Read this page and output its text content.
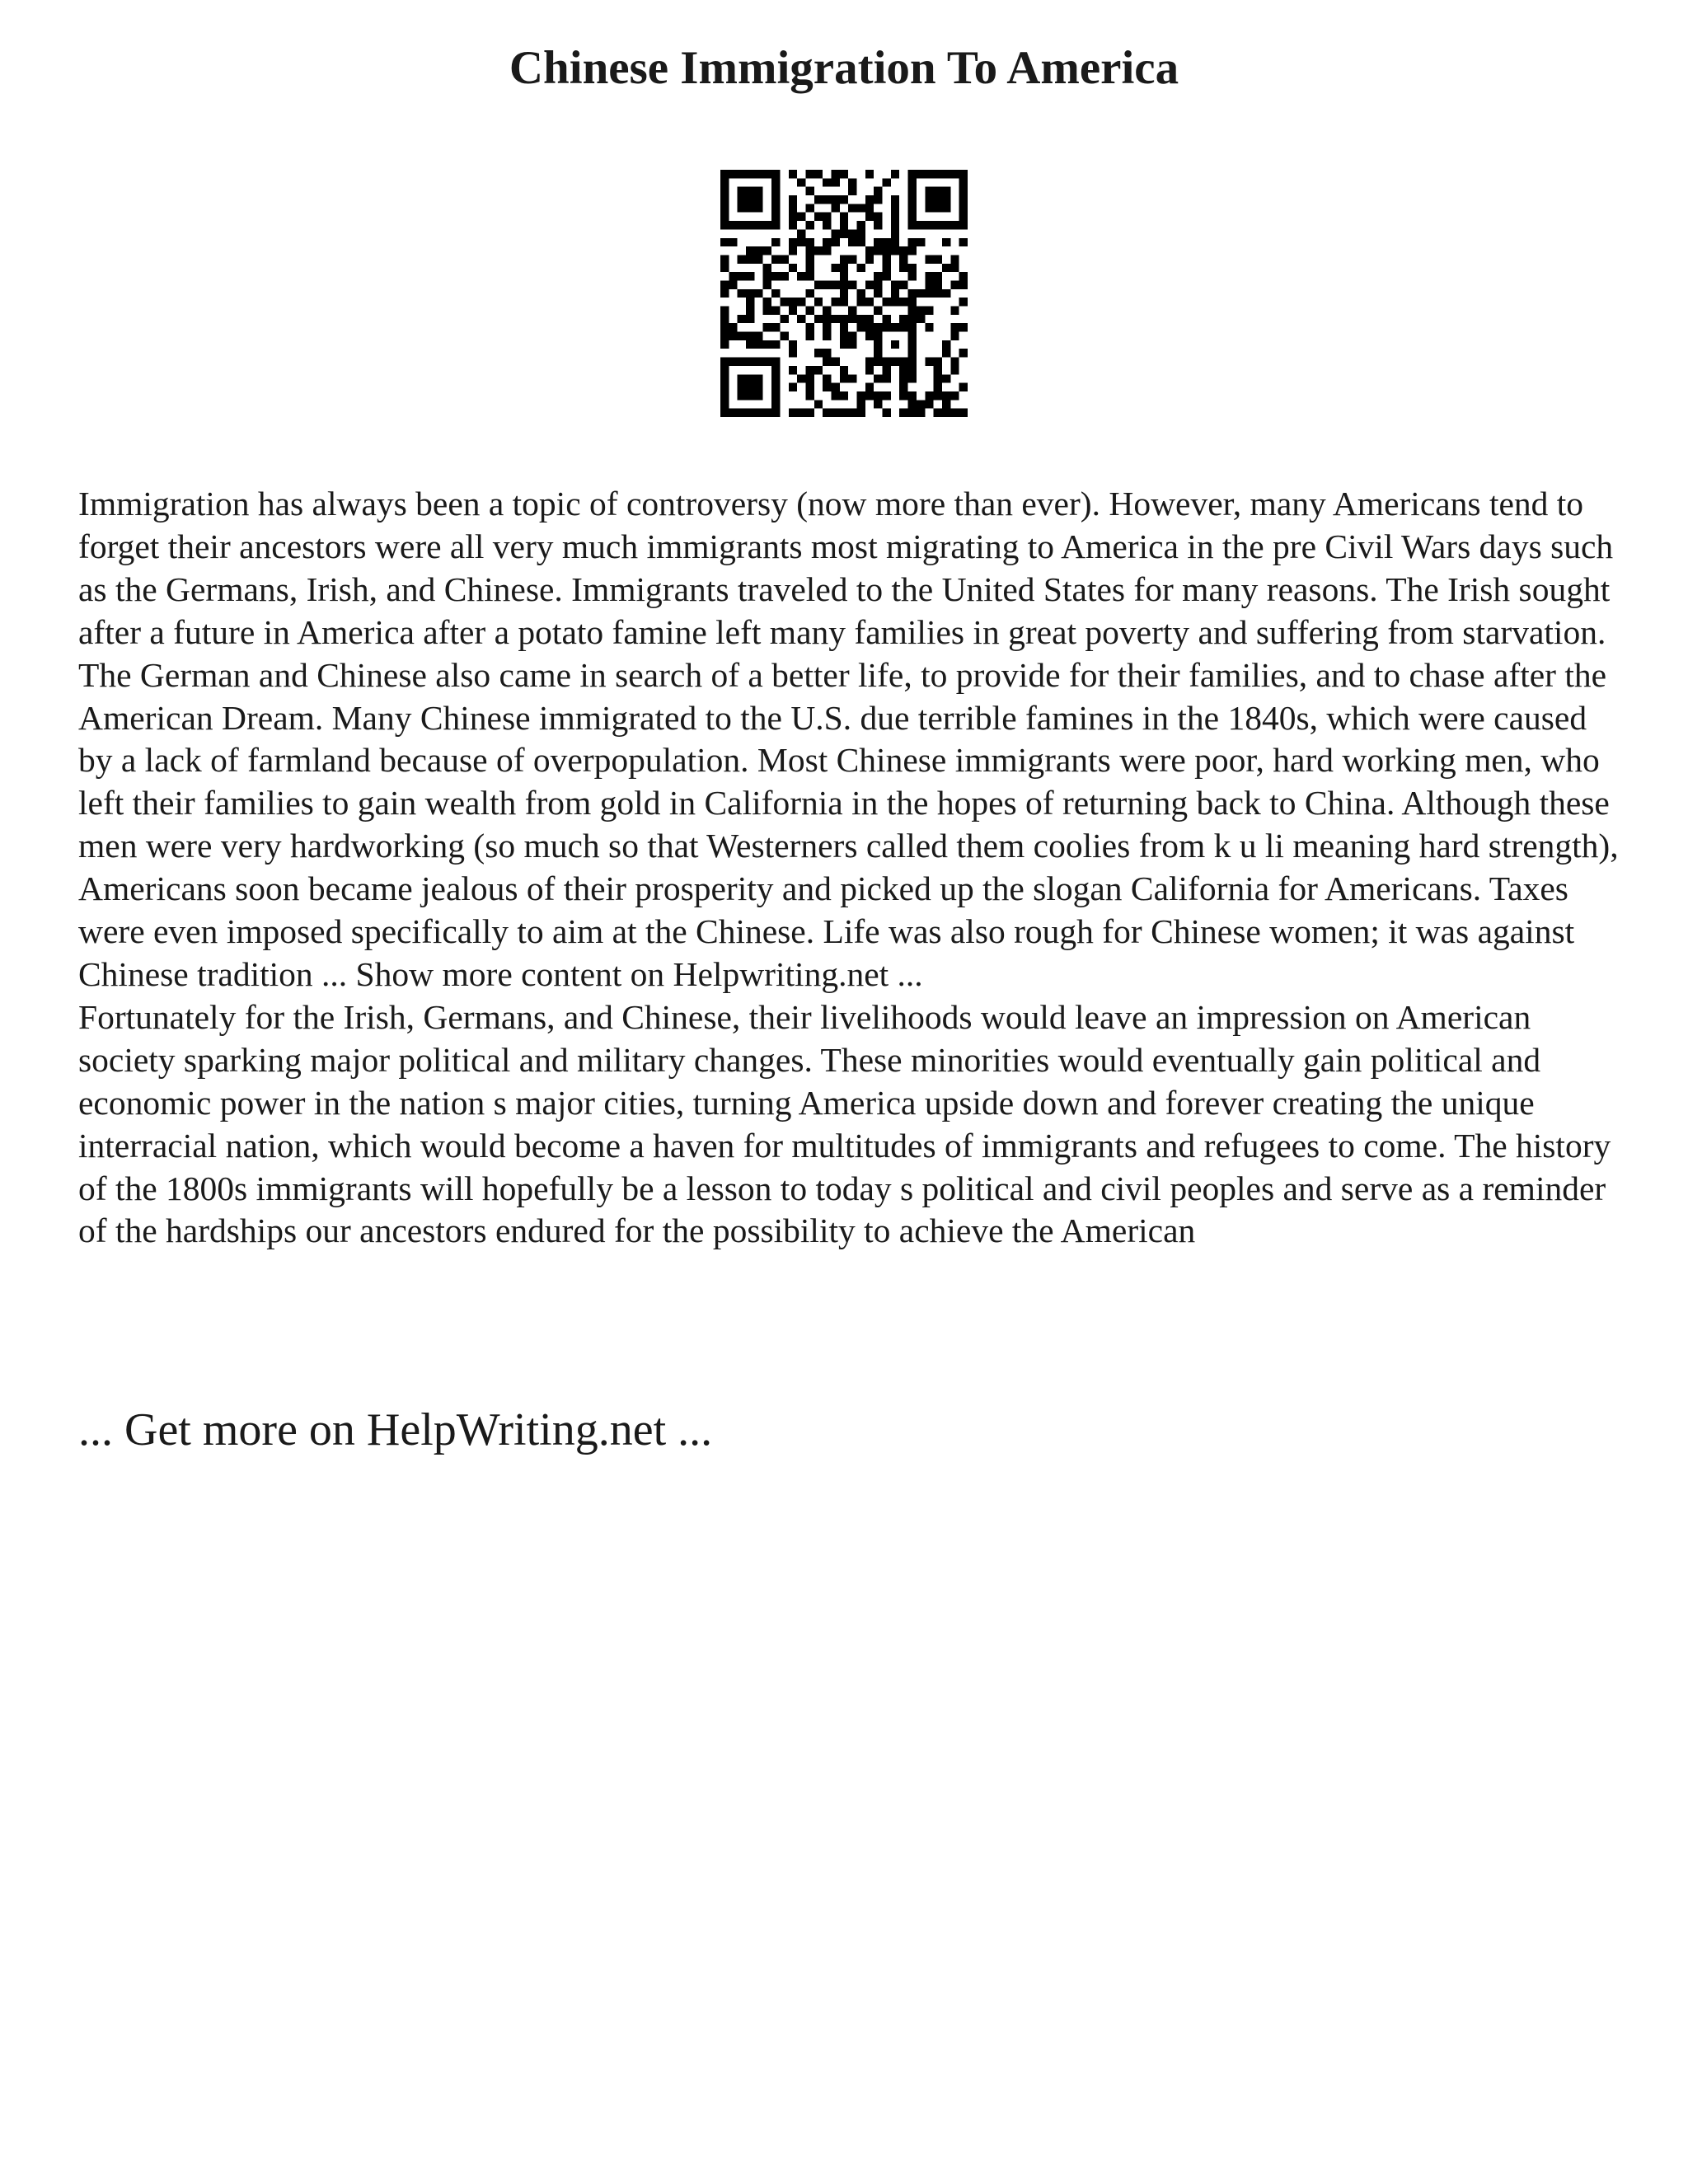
Chinese Immigration To America

Immigration has always been a topic of controversy (now more than ever). However, many Americans tend to forget their ancestors were all very much immigrants most migrating to America in the pre Civil Wars days such as the Germans, Irish, and Chinese. Immigrants traveled to the United States for many reasons. The Irish sought after a future in America after a potato famine left many families in great poverty and suffering from starvation. The German and Chinese also came in search of a better life, to provide for their families, and to chase after the American Dream. Many Chinese immigrated to the U.S. due terrible famines in the 1840s, which were caused by a lack of farmland because of overpopulation. Most Chinese immigrants were poor, hard working men, who left their families to gain wealth from gold in California in the hopes of returning back to China. Although these men were very hardworking (so much so that Westerners called them coolies from k u li meaning hard strength), Americans soon became jealous of their prosperity and picked up the slogan California for Americans. Taxes were even imposed specifically to aim at the Chinese. Life was also rough for Chinese women; it was against Chinese tradition ... Show more content on Helpwriting.net ...

Fortunately for the Irish, Germans, and Chinese, their livelihoods would leave an impression on American society sparking major political and military changes. These minorities would eventually gain political and economic power in the nation s major cities, turning America upside down and forever creating the unique interracial nation, which would become a haven for multitudes of immigrants and refugees to come. The history of the 1800s immigrants will hopefully be a lesson to today s political and civil peoples and serve as a reminder of the hardships our ancestors endured for the possibility to achieve the American

... Get more on HelpWriting.net ...
